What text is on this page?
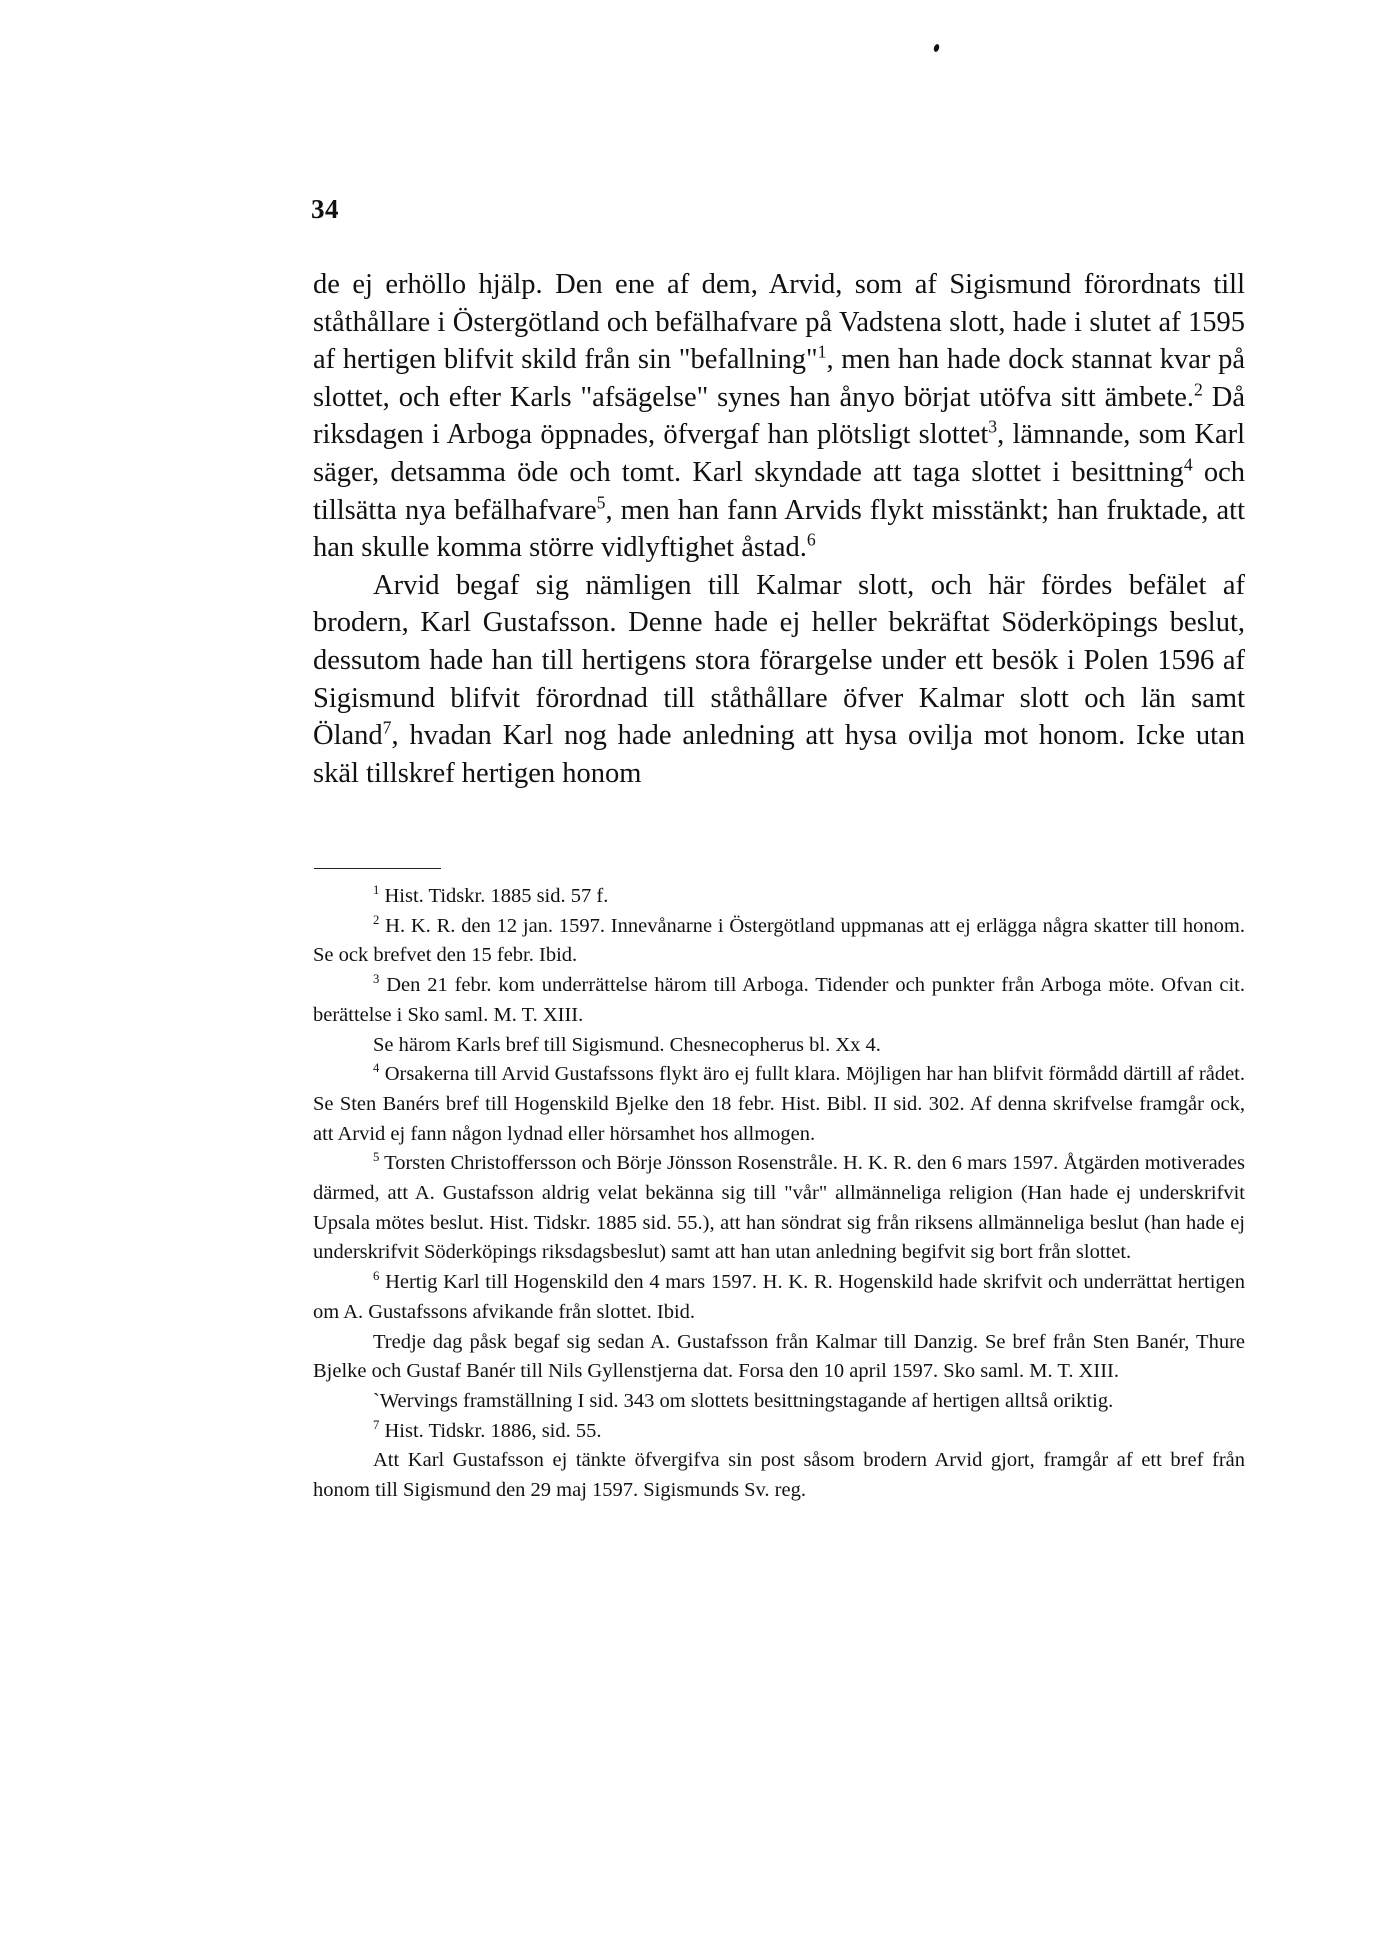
34

de ej erhöllo hjälp. Den ene af dem, Arvid, som af Sigismund förordnats till ståthållare i Östergötland och befälhafvare på Vadstena slott, hade i slutet af 1595 af hertigen blifvit skild från sin "befallning"$^1$, men han hade dock stannat kvar på slottet, och efter Karls "afsägelse" synes han ånyo börjat utöfva sitt ämbete.$^2$ Då riksdagen i Arboga öppnades, öfvergaf han plötsligt slottet$^3$, lämnande, som Karl säger, detsamma öde och tomt. Karl skyndade att taga slottet i besittning$^4$ och tillsätta nya befälhafvare$^5$, men han fann Arvids flykt misstänkt; han fruktade, att han skulle komma större vidlyftighet åstad.$^6$

Arvid begaf sig nämligen till Kalmar slott, och här fördes befälet af brodern, Karl Gustafsson. Denne hade ej heller bekräftat Söderköpings beslut, dessutom hade han till hertigens stora förargelse under ett besök i Polen 1596 af Sigismund blifvit förordnad till ståthållare öfver Kalmar slott och län samt Öland$^7$, hvadan Karl nog hade anledning att hysa ovilja mot honom. Icke utan skäl tillskref hertigen honom

$^1$ Hist. Tidskr. 1885 sid. 57 f.

$^2$ H. K. R. den 12 jan. 1597. Innevånarne i Östergötland uppmanas att ej erlägga några skatter till honom. Se ock brefvet den 15 febr. Ibid.

$^3$ Den 21 febr. kom underrättelse härom till Arboga. Tidender och punkter från Arboga möte. Ofvan cit. berättelse i Sko saml. M. T. XIII.

Se härom Karls bref till Sigismund. Chesnecopherus bl. Xx 4.

$^4$ Orsakerna till Arvid Gustafssons flykt äro ej fullt klara. Möjligen har han blifvit förmådd därtill af rådet. Se Sten Banérs bref till Hogenskild Bjelke den 18 febr. Hist. Bibl. II sid. 302. Af denna skrifvelse framgår ock, att Arvid ej fann någon lydnad eller hörsamhet hos allmogen.

$^5$ Torsten Christoffersson och Börje Jönsson Rosenstråle. H. K. R. den 6 mars 1597. Åtgärden motiverades därmed, att A. Gustafsson aldrig velat bekänna sig till "vår" allmänneliga religion (Han hade ej underskrifvit Upsala mötes beslut. Hist. Tidskr. 1885 sid. 55.), att han söndrat sig från riksens allmänneliga beslut (han hade ej underskrifvit Söderköpings riksdagsbeslut) samt att han utan anledning begifvit sig bort från slottet.

$^6$ Hertig Karl till Hogenskild den 4 mars 1597. H. K. R. Hogenskild hade skrifvit och underrättat hertigen om A. Gustafssons afvikande från slottet. Ibid.

Tredje dag påsk begaf sig sedan A. Gustafsson från Kalmar till Danzig. Se bref från Sten Banér, Thure Bjelke och Gustaf Banér till Nils Gyllenstjerna dat. Forsa den 10 april 1597. Sko saml. M. T. XIII.

`Wervings framställning I sid. 343 om slottets besittningstagande af hertigen alltså oriktig.

$^7$ Hist. Tidskr. 1886, sid. 55.

Att Karl Gustafsson ej tänkte öfvergifva sin post såsom brodern Arvid gjort, framgår af ett bref från honom till Sigismund den 29 maj 1597. Sigismunds Sv. reg.
